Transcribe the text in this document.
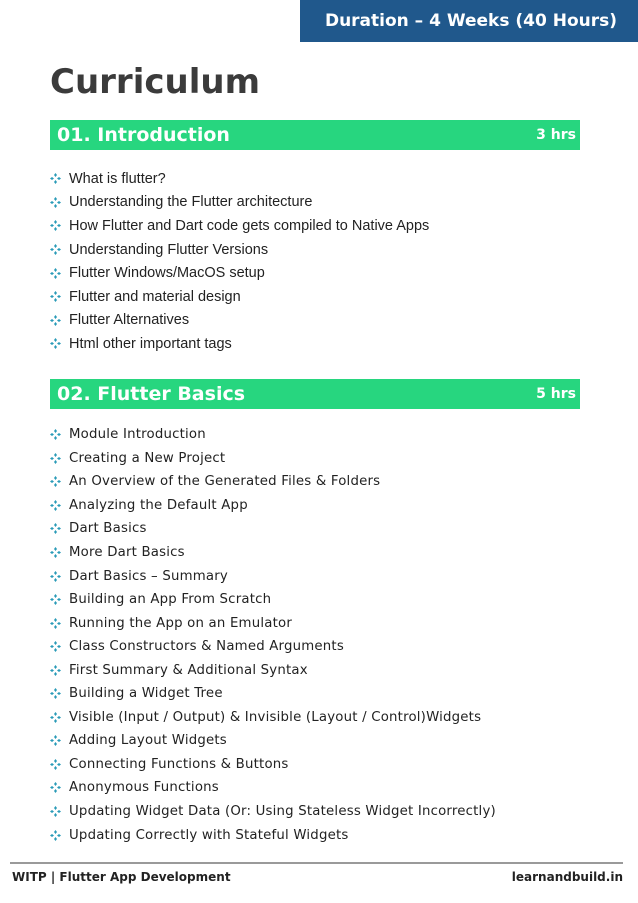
Duration – 4 Weeks (40 Hours)
Curriculum
01. Introduction	3 hrs
What is flutter?
Understanding the Flutter architecture
How Flutter and Dart code gets compiled to Native Apps
Understanding Flutter Versions
Flutter Windows/MacOS setup
Flutter and material design
Flutter Alternatives
Html other important tags
02. Flutter Basics	5 hrs
Module Introduction
Creating a New Project
An Overview of the Generated Files & Folders
Analyzing the Default App
Dart Basics
More Dart Basics
Dart Basics – Summary
Building an App From Scratch
Running the App on an Emulator
Class Constructors & Named Arguments
First Summary & Additional Syntax
Building a Widget Tree
Visible (Input / Output) & Invisible (Layout / Control)Widgets
Adding Layout Widgets
Connecting Functions & Buttons
Anonymous Functions
Updating Widget Data (Or: Using Stateless Widget Incorrectly)
Updating Correctly with Stateful Widgets
WITP | Flutter App Development	learnandbuild.in
